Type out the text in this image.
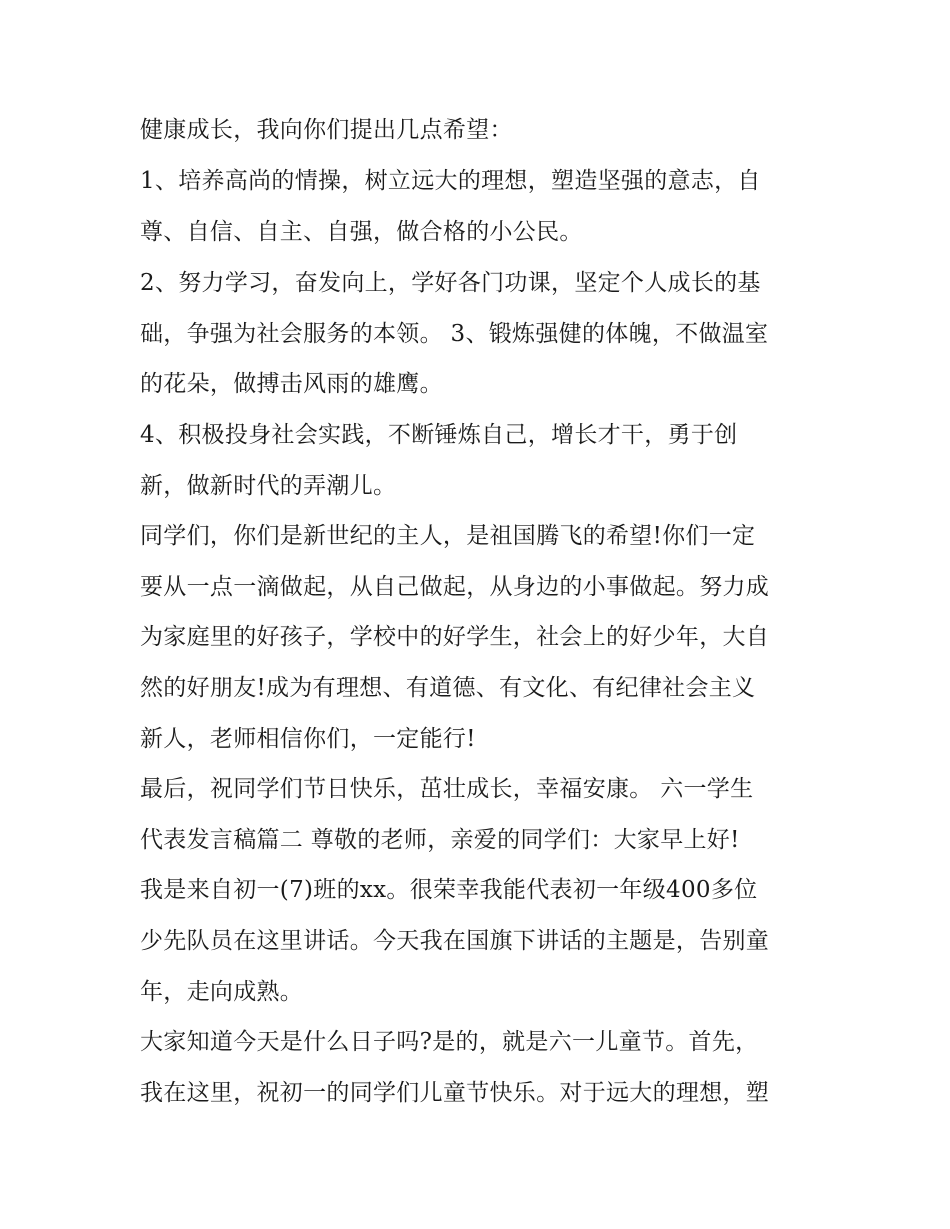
健康成长，我向你们提出几点希望：
1、培养高尚的情操，树立远大的理想，塑造坚强的意志，自
尊、自信、自主、自强，做合格的小公民。
2、努力学习，奋发向上，学好各门功课，坚定个人成长的基
础，争强为社会服务的本领。 3、锻炼强健的体魄，不做温室
的花朵，做搏击风雨的雄鹰。
4、积极投身社会实践，不断锤炼自己，增长才干，勇于创
新，做新时代的弄潮儿。
同学们，你们是新世纪的主人，是祖国腾飞的希望!你们一定
要从一点一滴做起，从自己做起，从身边的小事做起。努力成
为家庭里的好孩子，学校中的好学生，社会上的好少年，大自
然的好朋友!成为有理想、有道德、有文化、有纪律社会主义
新人，老师相信你们，一定能行!
最后，祝同学们节日快乐，茁壮成长，幸福安康。 六一学生
代表发言稿篇二 尊敬的老师，亲爱的同学们：大家早上好!
我是来自初一(7)班的xx。很荣幸我能代表初一年级400多位
少先队员在这里讲话。今天我在国旗下讲话的主题是，告别童
年，走向成熟。
大家知道今天是什么日子吗?是的，就是六一儿童节。首先，
我在这里，祝初一的同学们儿童节快乐。对于远大的理想，塑
